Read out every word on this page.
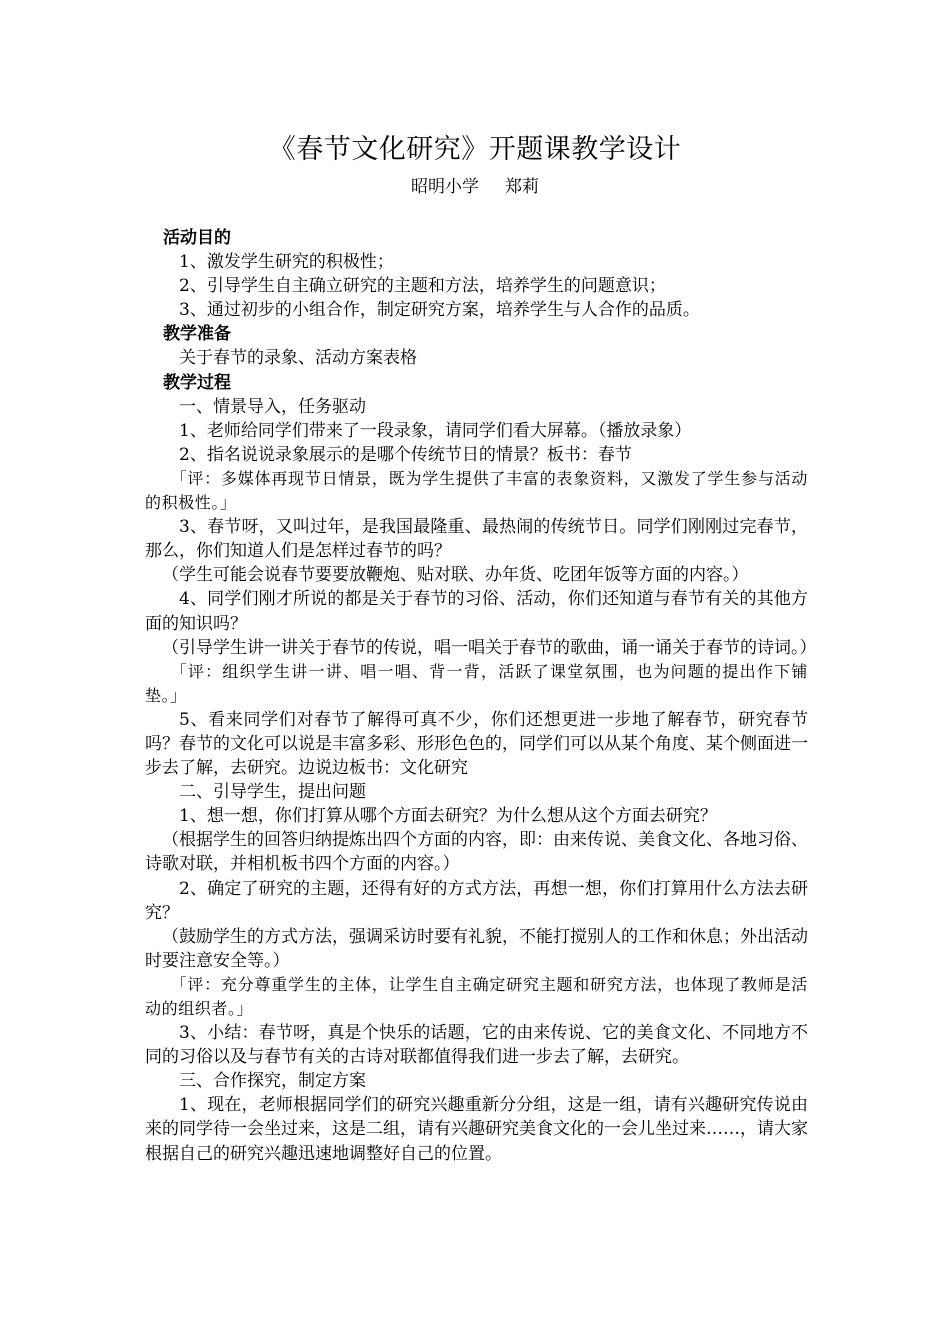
《春节文化研究》开题课教学设计
昭明小学 郑莉

活动目的

1、激发学生研究的积极性；

2、引导学生自主确立研究的主题和方法，培养学生的问题意识；

3、通过初步的小组合作，制定研究方案，培养学生与人合作的品质。

教学准备

关于春节的录象、活动方案表格

教学过程

一、情景导入，任务驱动

1、老师给同学们带来了一段录象，请同学们看大屏幕。（播放录象）

2、指名说说录象展示的是哪个传统节日的情景？板书：春节

「评：多媒体再现节日情景，既为学生提供了丰富的表象资料，又激发了学生参与活动的积极性。」

3、春节呀，又叫过年，是我国最隆重、最热闹的传统节日。同学们刚刚过完春节，那么，你们知道人们是怎样过春节的吗？

（学生可能会说春节要要放鞭炮、贴对联、办年货、吃团年饭等方面的内容。）

4、同学们刚才所说的都是关于春节的习俗、活动，你们还知道与春节有关的其他方面的知识吗？

（引导学生讲一讲关于春节的传说，唱一唱关于春节的歌曲，诵一诵关于春节的诗词。）

「评：组织学生讲一讲、唱一唱、背一背，活跃了课堂氛围，也为问题的提出作下铺垫。」

5、看来同学们对春节了解得可真不少，你们还想更进一步地了解春节，研究春节吗？春节的文化可以说是丰富多彩、形形色色的，同学们可以从某个角度、某个侧面进一步去了解，去研究。边说边板书：文化研究

二、引导学生，提出问题

1、想一想，你们打算从哪个方面去研究？为什么想从这个方面去研究？

（根据学生的回答归纳提炼出四个方面的内容，即：由来传说、美食文化、各地习俗、诗歌对联，并相机板书四个方面的内容。）

2、确定了研究的主题，还得有好的方式方法，再想一想，你们打算用什么方法去研究？

（鼓励学生的方式方法，强调采访时要有礼貌，不能打搅别人的工作和休息；外出活动时要注意安全等。）

「评：充分尊重学生的主体，让学生自主确定研究主题和研究方法，也体现了教师是活动的组织者。」

3、小结：春节呀，真是个快乐的话题，它的由来传说、它的美食文化、不同地方不同的习俗以及与春节有关的古诗对联都值得我们进一步去了解，去研究。

三、合作探究，制定方案

1、现在，老师根据同学们的研究兴趣重新分分组，这是一组，请有兴趣研究传说由来的同学待一会坐过来，这是二组，请有兴趣研究美食文化的一会儿坐过来……，请大家根据自己的研究兴趣迅速地调整好自己的位置。
